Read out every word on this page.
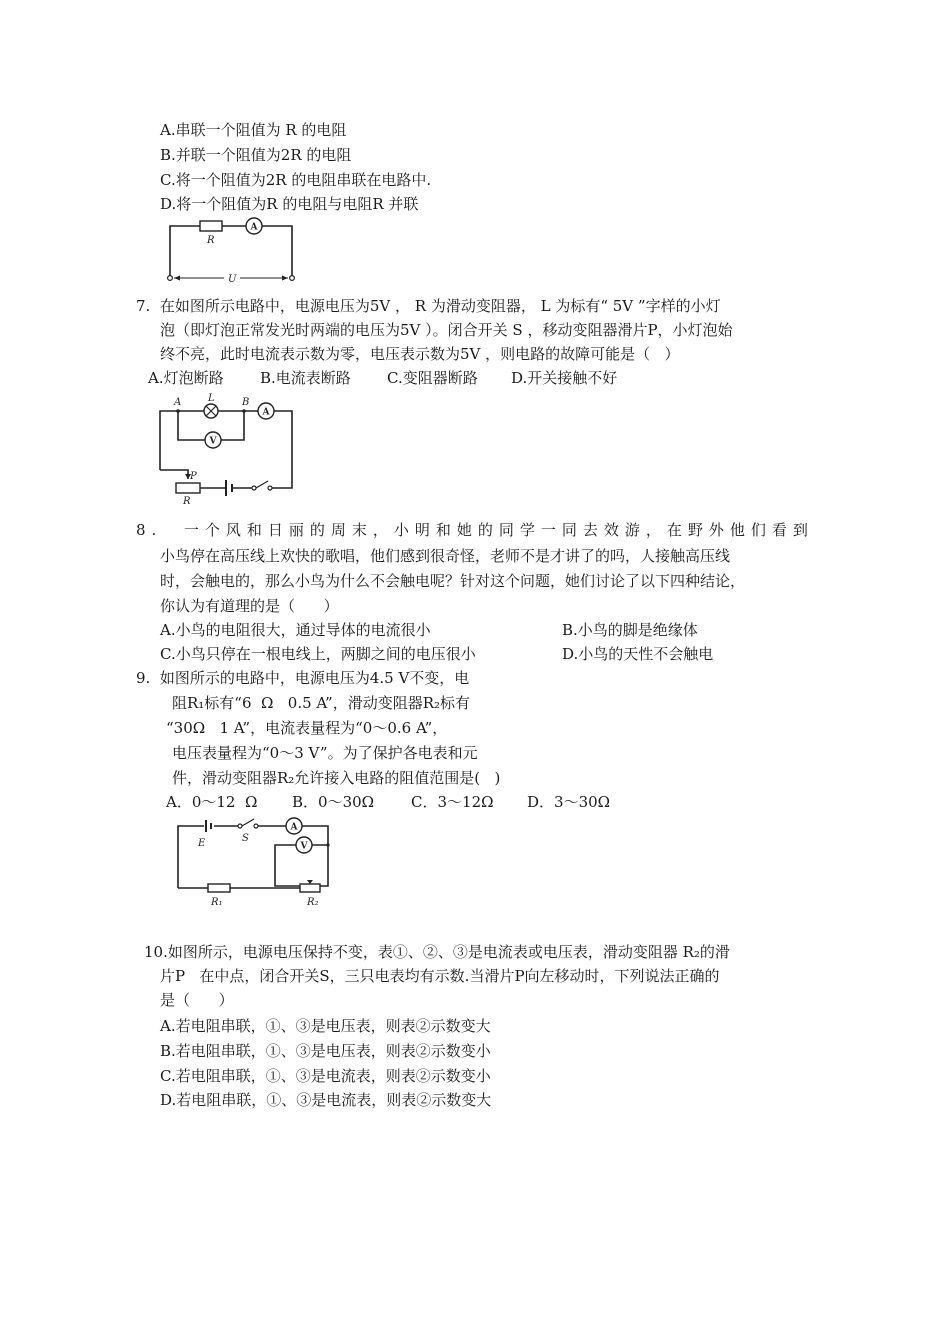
A.串联一个阻值为 R 的电阻
B.并联一个阻值为2R 的电阻
C.将一个阻值为2R 的电阻串联在电路中.
D.将一个阻值为R 的电阻与电阻R 并联
A
R
U
7.  在如图所示电路中，电源电压为5V ， R 为滑动变阻器， L 为标有“ 5V ”字样的小灯
泡（即灯泡正常发光时两端的电压为5V ）。闭合开关 S ，移动变阻器滑片P，小灯泡始
终不亮，此时电流表示数为零，电压表示数为5V ，则电路的故障可能是（   ）
A.灯泡断路 B.电流表断路 C.变阻器断路 D.开关接触不好
A
V
A	B
L
P
R
8.  一个风和日丽的周末，小明和她的同学一同去效游，在野外他们看到
小鸟停在高压线上欢快的歌唱，他们感到很奇怪，老师不是才讲了的吗，人接触高压线
时，会触电的，那么小鸟为什么不会触电呢？针对这个问题，她们讨论了以下四种结论，
你认为有道理的是（      ）
A.小鸟的电阻很大，通过导体的电流很小	B.小鸟的脚是绝缘体
C.小鸟只停在一根电线上，两脚之间的电压很小	D.小鸟的天性不会触电
9.  如图所示的电路中，电源电压为4.5 V不变，电
阻R₁标有“6  Ω   0.5 A”，滑动变阻器R₂标有
“30Ω   1 A”，电流表量程为“0～0.6 A”，
电压表量程为“0～3 V”。为了保护各电表和元
件，滑动变阻器R₂允许接入电路的阻值范围是(   )
A．0～12  Ω B．0～30Ω C．3～12Ω D．3～30Ω
A
V
E	S
R₁	R₂
10.如图所示，电源电压保持不变，表①、②、③是电流表或电压表，滑动变阻器 R₂的滑
片P   在中点，闭合开关S，三只电表均有示数.当滑片P向左移动时，下列说法正确的
是（      ）
A.若电阻串联，①、③是电压表，则表②示数变大
B.若电阻串联，①、③是电压表，则表②示数变小
C.若电阻串联，①、③是电流表，则表②示数变小
D.若电阻串联，①、③是电流表，则表②示数变大
